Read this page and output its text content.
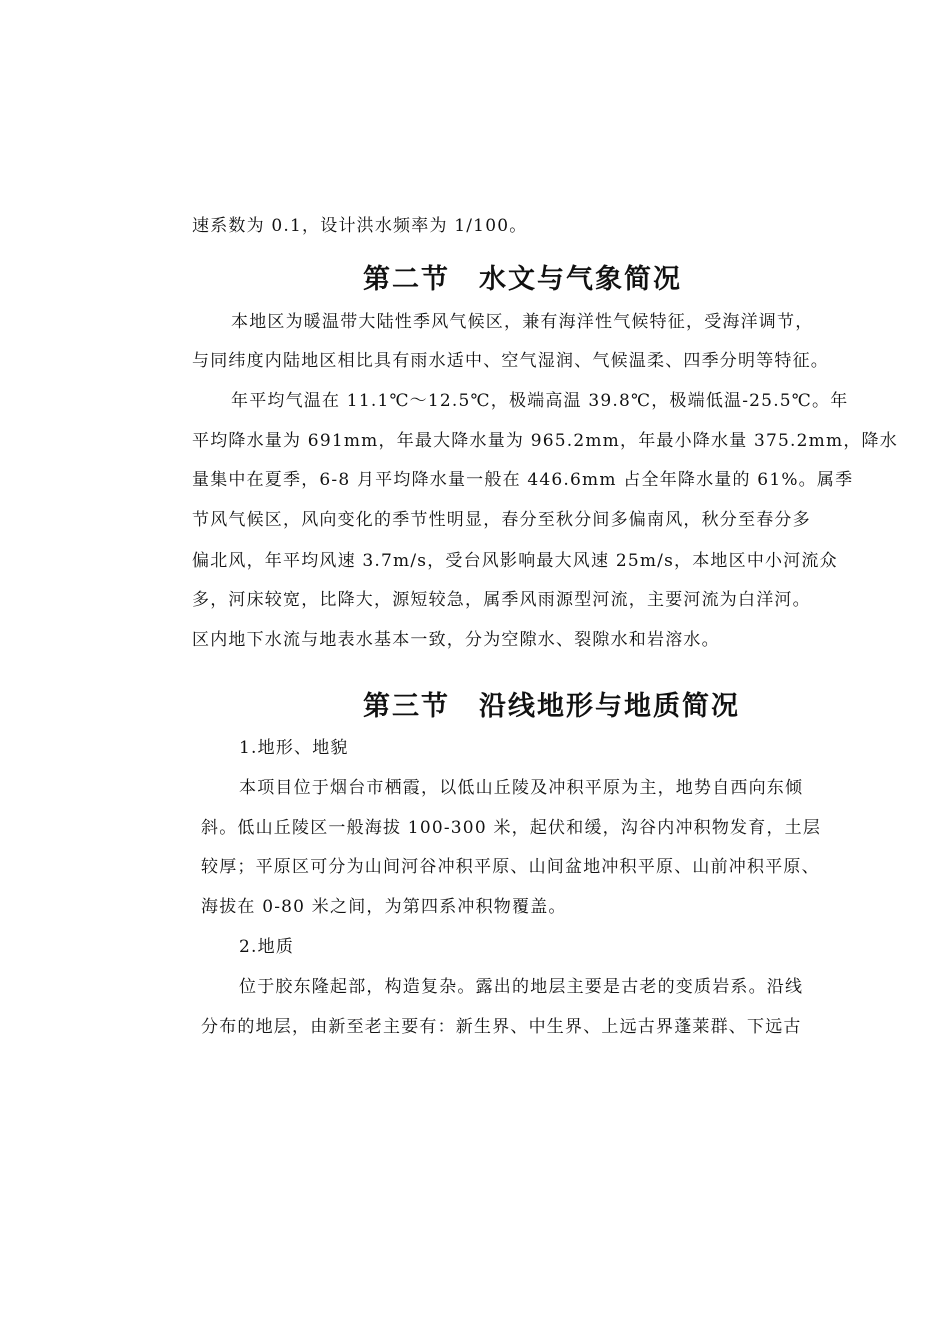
速系数为 0.1，设计洪水频率为 1/100。
第二节　水文与气象简况
本地区为暖温带大陆性季风气候区，兼有海洋性气候特征，受海洋调节，
与同纬度内陆地区相比具有雨水适中、空气湿润、气候温柔、四季分明等特征。
年平均气温在 11.1℃～12.5℃，极端高温 39.8℃，极端低温-25.5℃。年
平均降水量为 691mm，年最大降水量为 965.2mm，年最小降水量 375.2mm，降水
量集中在夏季，6-8 月平均降水量一般在 446.6mm 占全年降水量的 61%。属季
节风气候区，风向变化的季节性明显，春分至秋分间多偏南风，秋分至春分多
偏北风，年平均风速 3.7m/s，受台风影响最大风速 25m/s，本地区中小河流众
多，河床较宽，比降大，源短较急，属季风雨源型河流，主要河流为白洋河。
区内地下水流与地表水基本一致，分为空隙水、裂隙水和岩溶水。
第三节　沿线地形与地质简况
1.地形、地貌
本项目位于烟台市栖霞，以低山丘陵及冲积平原为主，地势自西向东倾
斜。低山丘陵区一般海拔 100-300 米，起伏和缓，沟谷内冲积物发育，土层
较厚；平原区可分为山间河谷冲积平原、山间盆地冲积平原、山前冲积平原、
海拔在 0-80 米之间，为第四系冲积物覆盖。
2.地质
位于胶东隆起部，构造复杂。露出的地层主要是古老的变质岩系。沿线
分布的地层，由新至老主要有：新生界、中生界、上远古界蓬莱群、下远古
